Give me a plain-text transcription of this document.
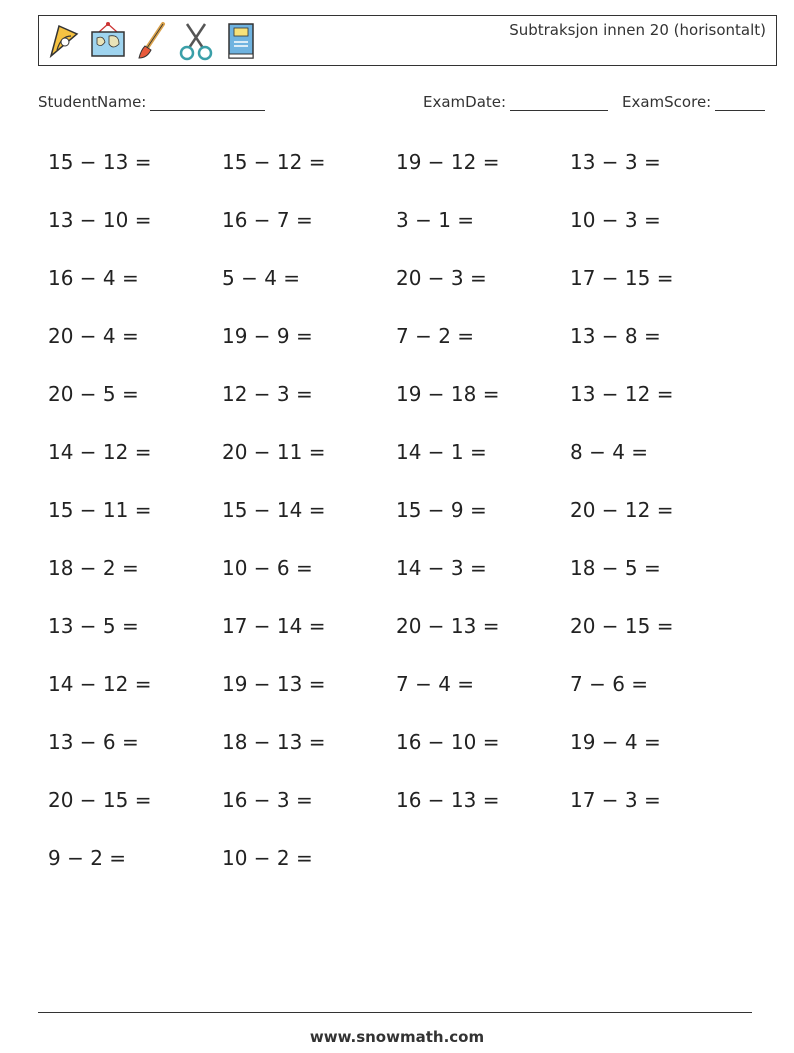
Subtraksjon innen 20 (horisontalt)
StudentName:	ExamDate:	ExamScore:
15 − 13 =	15 − 12 =	19 − 12 =	13 − 3 =
13 − 10 =	16 − 7 =	3 − 1 =	10 − 3 =
16 − 4 =	5 − 4 =	20 − 3 =	17 − 15 =
20 − 4 =	19 − 9 =	7 − 2 =	13 − 8 =
20 − 5 =	12 − 3 =	19 − 18 =	13 − 12 =
14 − 12 =	20 − 11 =	14 − 1 =	8 − 4 =
15 − 11 =	15 − 14 =	15 − 9 =	20 − 12 =
18 − 2 =	10 − 6 =	14 − 3 =	18 − 5 =
13 − 5 =	17 − 14 =	20 − 13 =	20 − 15 =
14 − 12 =	19 − 13 =	7 − 4 =	7 − 6 =
13 − 6 =	18 − 13 =	16 − 10 =	19 − 4 =
20 − 15 =	16 − 3 =	16 − 13 =	17 − 3 =
9 − 2 =	10 − 2 =
www.snowmath.com
